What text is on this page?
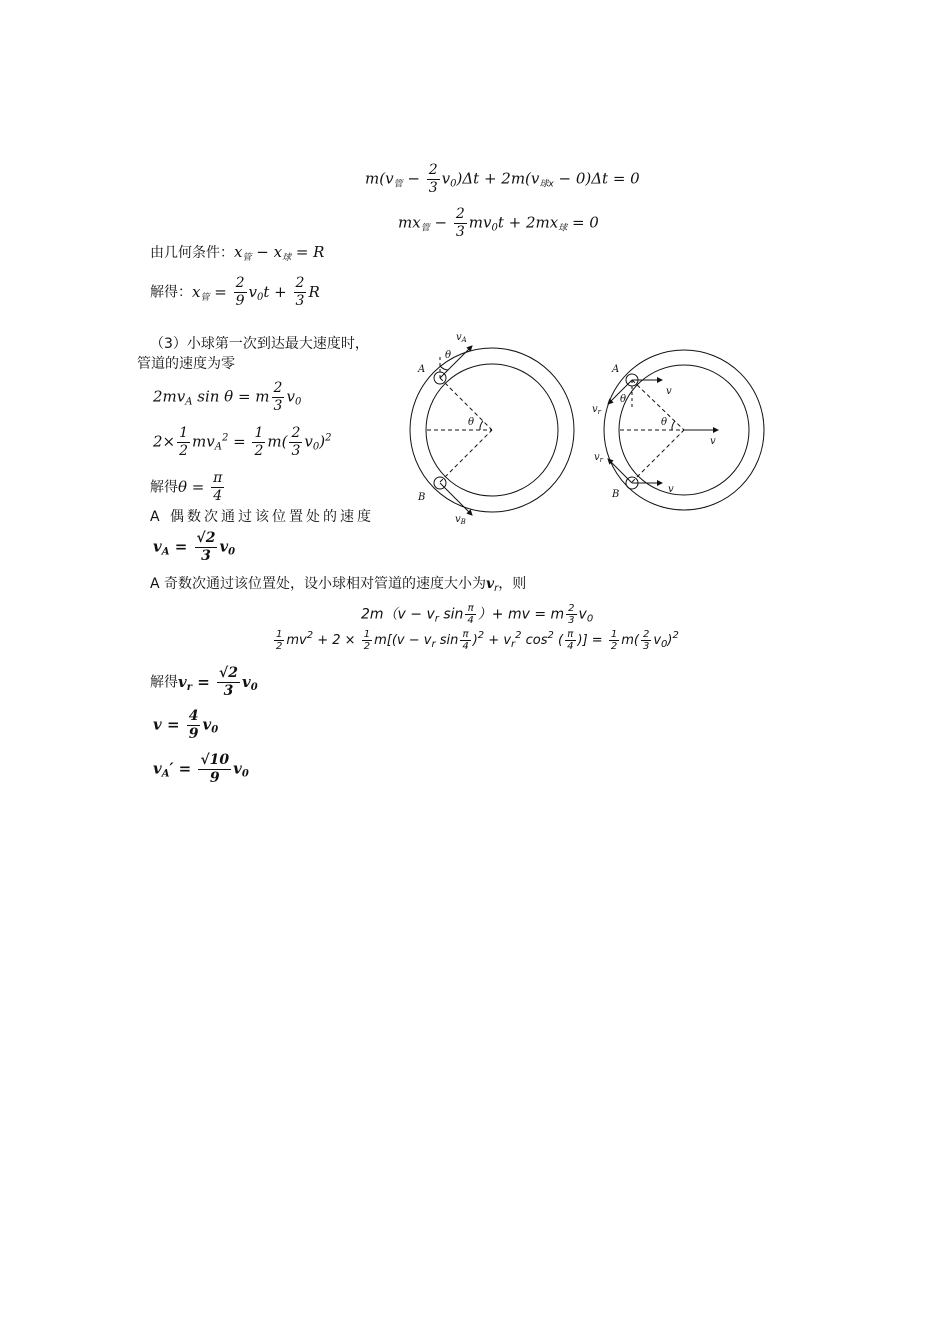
$m(v_管 - \frac{2}{3} v_0)\Delta t + 2m(v_{球x} - 0)\Delta t = 0$
$mx_管 - \frac{2}{3} mv_0t + 2mx_球 = 0$
由几何条件：$x_管 - x_球 = R$
解得：$x_管 = \frac{2}{9} v_0t + \frac{2}{3}$ R
（3）小球第一次到达最大速度时，
管道的速度为零
$2mv_A$ sin θ = m $\frac{2}{3} v_0$
$2\times \frac{1}{2} mv_A^2 = \frac{1}{2} m( \frac{2}{3} v_0)^2$
解得$\theta = \frac{\pi}{4}$
A 偶数次通过该位置处的速度
$v_A = \frac{√2}{3} v_0$
A 奇数次通过该位置处，设小球相对管道的速度大小为$v_r$，则
$2m(v - v_r$ $\sin \frac{\pi}{4}$ ）+ mv = m $\frac{2}{3} v_0$
$\frac{1}{2} mv^2 + 2 \times \frac{1}{2} m[(v - v_r$ $\sin \frac{\pi}{4} )^2 + v_r^2$ $\cos^2$ ( $\frac{\pi}{4}$ )] = $\frac{1}{2} m( \frac{2}{3} v_0)^2$
解得$v_r = \frac{√2}{3} v_0$
$v = \frac{4}{9} v_0$
$v_A' = \frac{√10}{9} v_0$
$v_A$
θ
A
θ
B
$v_B$
A
v
$v_r$
θ
θ
v
$v_r$
B	v
